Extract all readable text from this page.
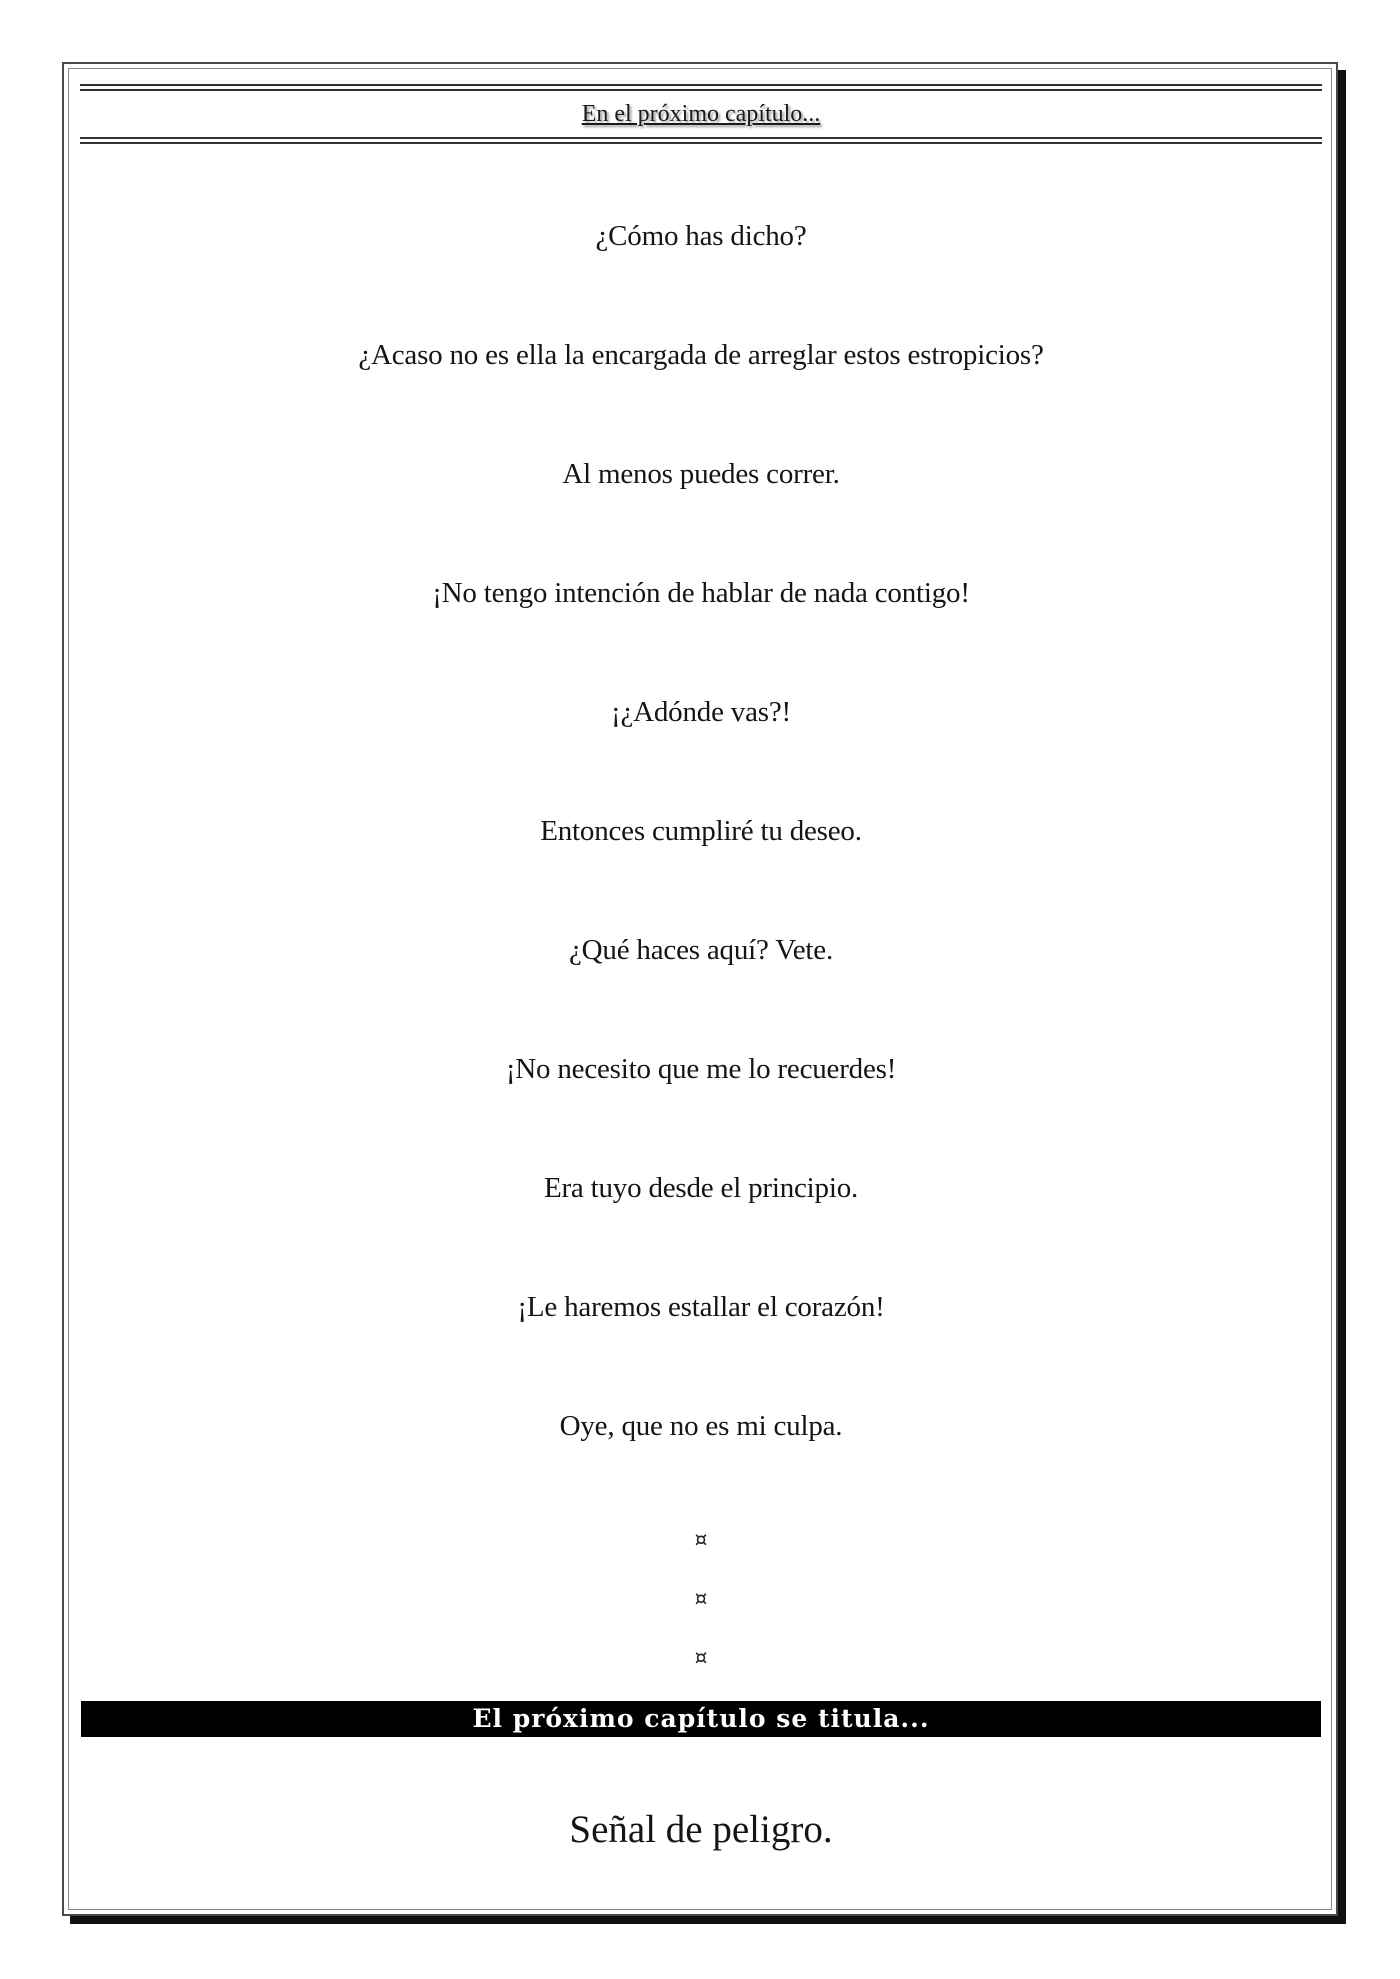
En el próximo capítulo...
¿Cómo has dicho?
¿Acaso no es ella la encargada de arreglar estos estropicios?
Al menos puedes correr.
¡No tengo intención de hablar de nada contigo!
¡¿Adónde vas?!
Entonces cumpliré tu deseo.
¿Qué haces aquí? Vete.
¡No necesito que me lo recuerdes!
Era tuyo desde el principio.
¡Le haremos estallar el corazón!
Oye, que no es mi culpa.
¤
¤
¤
El próximo capítulo se titula...
Señal de peligro.
